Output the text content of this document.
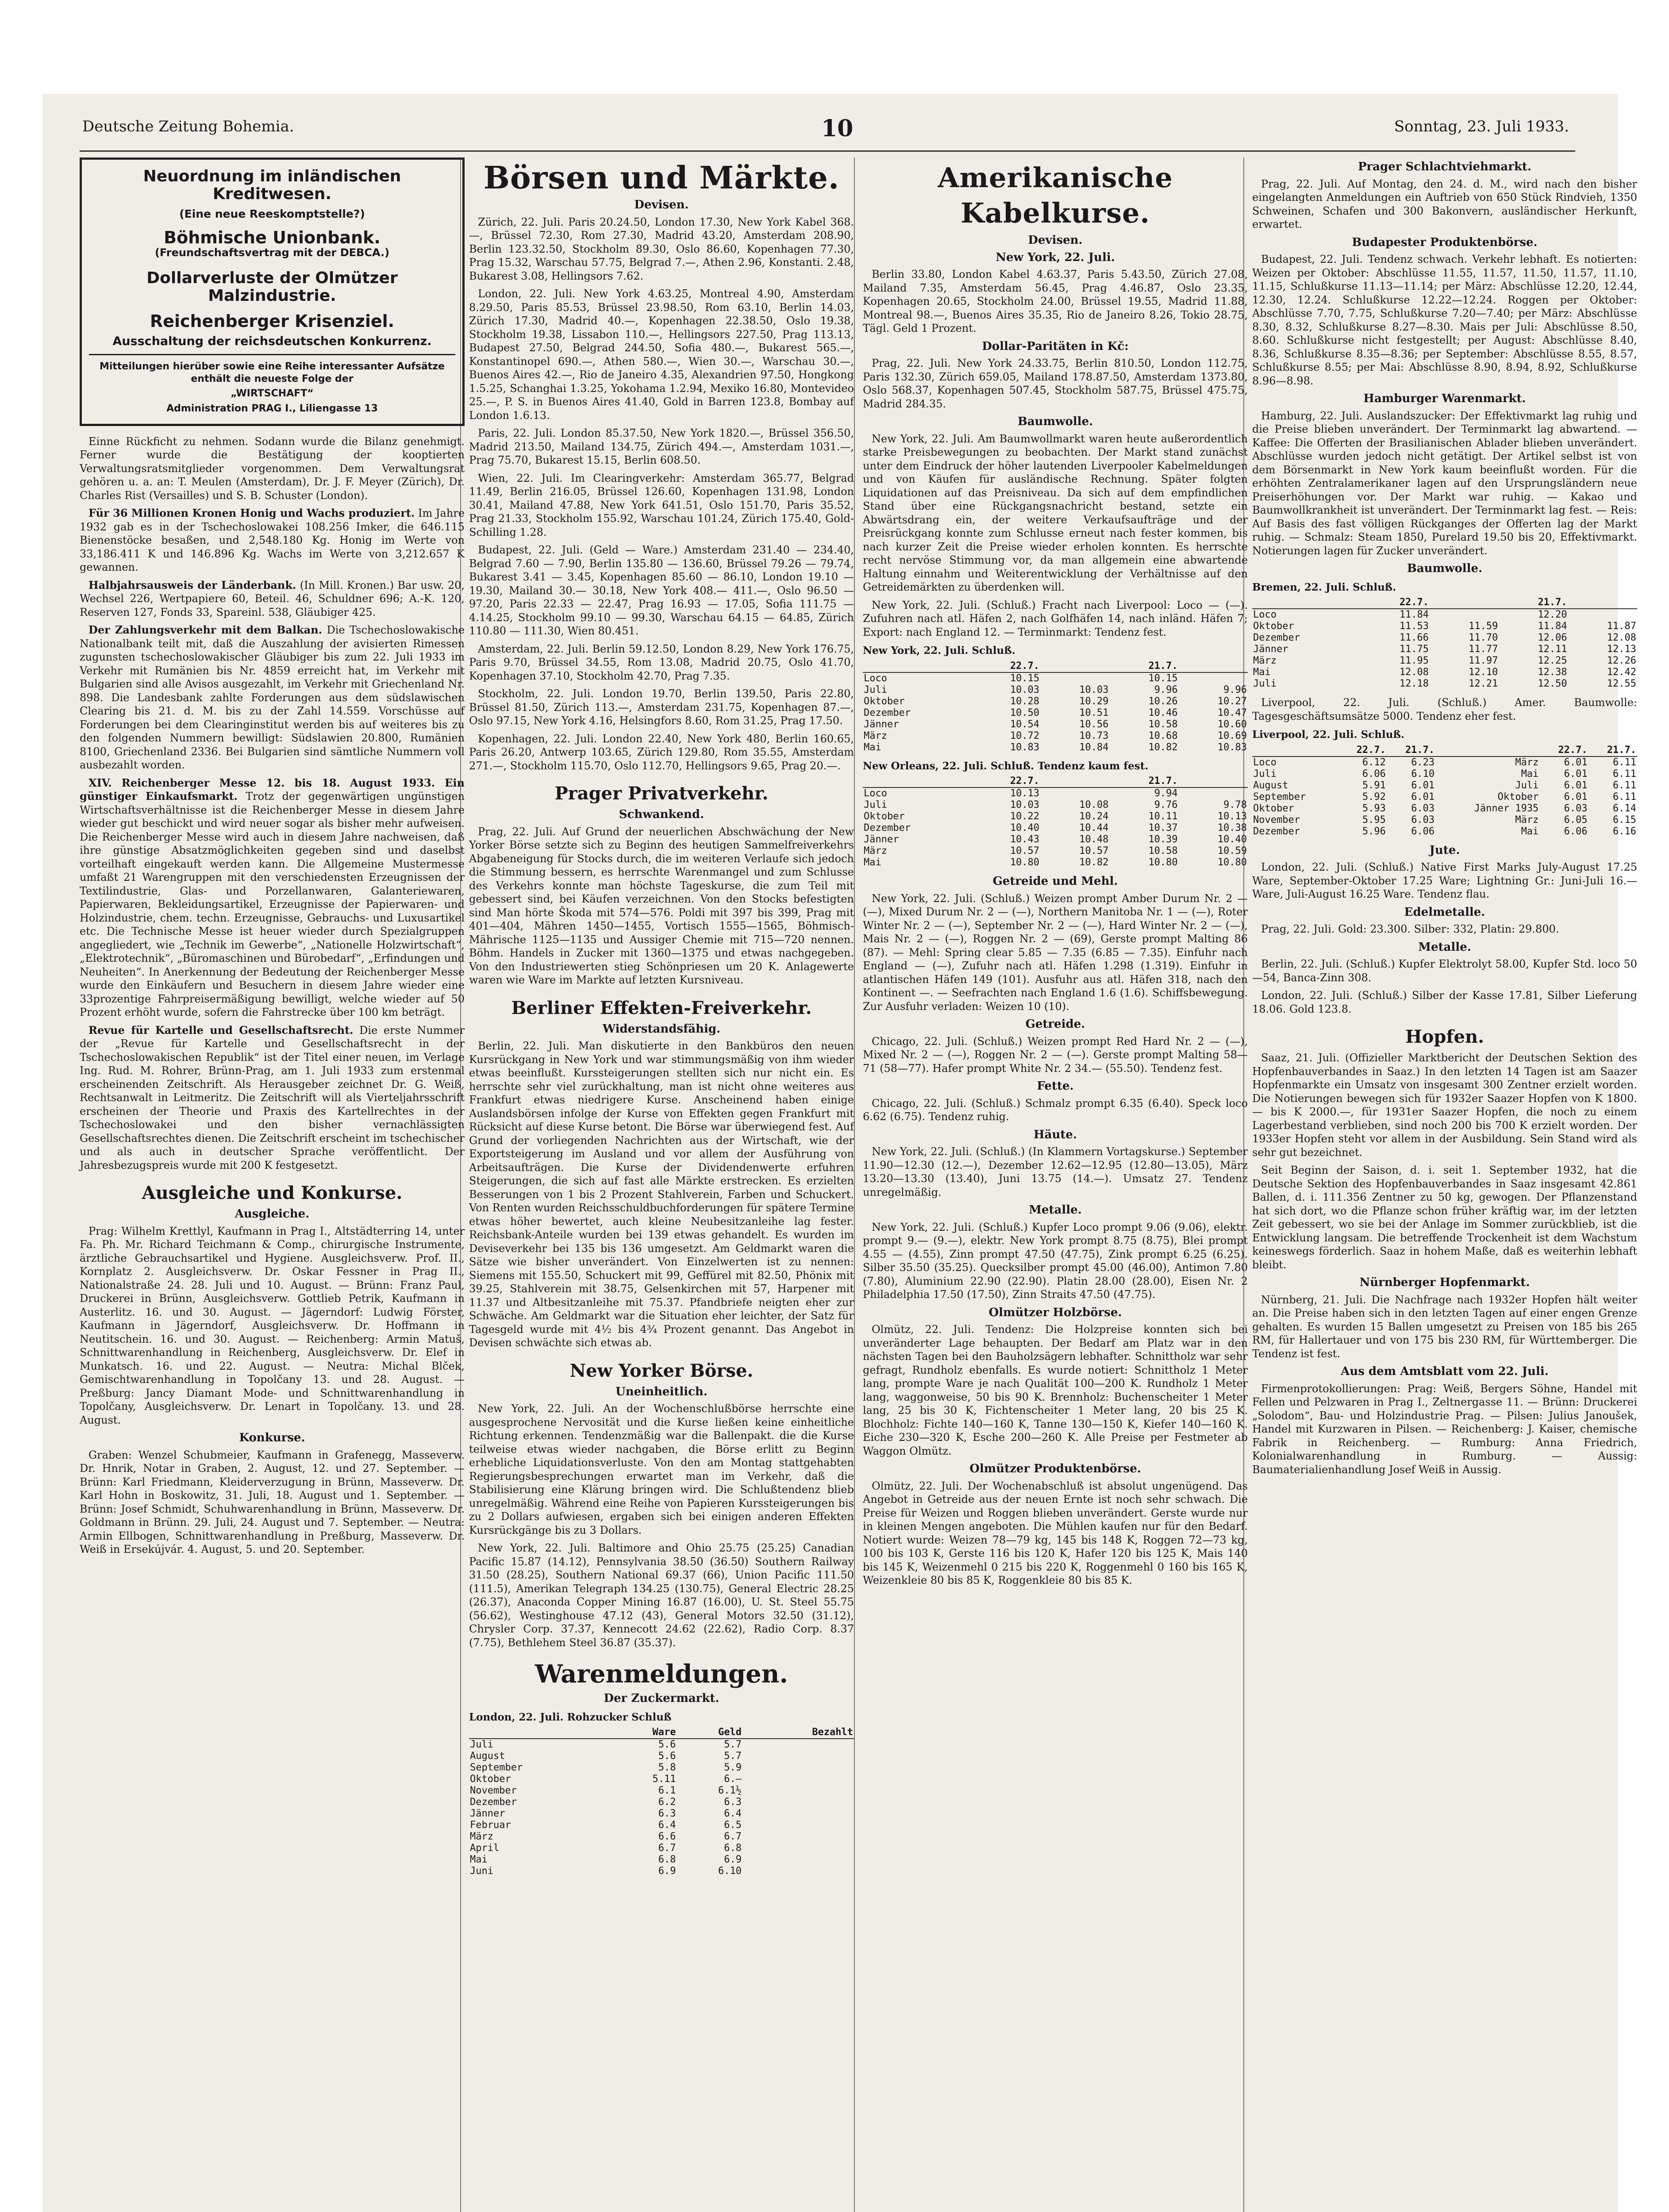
Deutsche Zeitung Bohemia.	10	Sonntag, 23. Juli 1933.
Neuordnung im inländischen Kreditwesen.
(Eine neue Reeskomptstelle?)
Böhmische Unionbank.
(Freundschaftsvertrag mit der DEBCA.)
Dollarverluste der Olmützer Malzindustrie.
Reichenberger Krisenziel.
Ausschaltung der reichsdeutschen Konkurrenz.
Mitteilungen hierüber sowie eine Reihe interessanter Aufsätze enthält die neueste Folge der
„WIRTSCHAFT“
Administration PRAG I., Liliengasse 13

Einne Rückficht zu nehmen. Sodann wurde die Bilanz genehmigt. Ferner wurde die Bestätigung der kooptierten Verwaltungsratsmitglieder vorgenommen. Dem Verwaltungsrat gehören u. a. an: T. Meulen (Amsterdam), Dr. J. F. Meyer (Zürich), Dr. Charles Rist (Versailles) und S. B. Schuster (London).

Für 36 Millionen Kronen Honig und Wachs produziert. Im Jahre 1932 gab es in der Tschechoslowakei 108.256 Imker, die 646.115 Bienenstöcke besaßen, und 2,548.180 Kg. Honig im Werte von 33,186.411 K und 146.896 Kg. Wachs im Werte von 3,212.657 K gewannen.

Halbjahrsausweis der Länderbank. (In Mill. Kronen.) Bar usw. 20, Wechsel 226, Wertpapiere 60, Beteil. 46, Schuldner 696; A.-K. 120, Reserven 127, Fonds 33, Spareinl. 538, Gläubiger 425.

Der Zahlungsverkehr mit dem Balkan. Die Tschechoslowakische Nationalbank teilt mit, daß die Auszahlung der avisierten Rimessen zugunsten tschechoslowakischer Gläubiger bis zum 22. Juli 1933 im Verkehr mit Rumänien bis Nr. 4859 erreicht hat, im Verkehr mit Bulgarien sind alle Avisos ausgezahlt, im Verkehr mit Griechenland Nr. 898. Die Landesbank zahlte Forderungen aus dem südslawischen Clearing bis 21. d. M. bis zu der Zahl 14.559. Vorschüsse auf Forderungen bei dem Clearinginstitut werden bis auf weiteres bis zu den folgenden Nummern bewilligt: Südslawien 20.800, Rumänien 8100, Griechenland 2336. Bei Bulgarien sind sämtliche Nummern voll ausbezahlt worden.

XIV. Reichenberger Messe 12. bis 18. August 1933. Ein günstiger Einkaufsmarkt. Trotz der gegenwärtigen ungünstigen Wirtschaftsverhältnisse ist die Reichenberger Messe in diesem Jahre wieder gut beschickt und wird neuer sogar als bisher mehr aufweisen. Die Reichenberger Messe wird auch in diesem Jahre nachweisen, daß ihre günstige Absatzmöglichkeiten gegeben sind und daselbst vorteilhaft eingekauft werden kann. Die Allgemeine Mustermesse umfaßt 21 Warengruppen mit den verschiedensten Erzeugnissen der Textilindustrie, Glas- und Porzellanwaren, Galanteriewaren, Papierwaren, Bekleidungsartikel, Erzeugnisse der Papierwaren- und Holzindustrie, chem. techn. Erzeugnisse, Gebrauchs- und Luxusartikel etc. Die Technische Messe ist heuer wieder durch Spezialgruppen angegliedert, wie „Technik im Gewerbe“, „Nationelle Holzwirtschaft“, „Elektrotechnik“, „Büromaschinen und Bürobedarf“, „Erfindungen und Neuheiten“. In Anerkennung der Bedeutung der Reichenberger Messe wurde den Einkäufern und Besuchern in diesem Jahre wieder eine 33prozentige Fahrpreisermäßigung bewilligt, welche wieder auf 50 Prozent erhöht wurde, sofern die Fahrstrecke über 100 km beträgt.

Revue für Kartelle und Gesellschaftsrecht. Die erste Nummer der „Revue für Kartelle und Gesellschaftsrecht in der Tschechoslowakischen Republik“ ist der Titel einer neuen, im Verlage Ing. Rud. M. Rohrer, Brünn-Prag, am 1. Juli 1933 zum erstenmal erscheinenden Zeitschrift. Als Herausgeber zeichnet Dr. G. Weiß, Rechtsanwalt in Leitmeritz. Die Zeitschrift will als Vierteljahrsschrift erscheinen der Theorie und Praxis des Kartellrechtes in der Tschechoslowakei und den bisher vernachlässigten Gesellschaftsrechtes dienen. Die Zeitschrift erscheint im tschechischer und als auch in deutscher Sprache veröffentlicht. Der Jahresbezugspreis wurde mit 200 K festgesetzt.

Ausgleiche und Konkurse.
Ausgleiche.

Prag: Wilhelm Krettlyl, Kaufmann in Prag I., Altstädterring 14, unter Fa. Ph. Mr. Richard Teichmann & Comp., chirurgische Instrumente, ärztliche Gebrauchsartikel und Hygiene. Ausgleichsverw. Prof. II., Kornplatz 2. Ausgleichsverw. Dr. Oskar Fessner in Prag II., Nationalstraße 24. 28. Juli und 10. August. — Brünn: Franz Paul, Druckerei in Brünn, Ausgleichsverw. Gottlieb Petrik, Kaufmann in Austerlitz. 16. und 30. August. — Jägerndorf: Ludwig Förster, Kaufmann in Jägerndorf, Ausgleichsverw. Dr. Hoffmann in Neutitschein. 16. und 30. August. — Reichenberg: Armin Matuš, Schnittwarenhandlung in Reichenberg, Ausgleichsverw. Dr. Elef in Munkatsch. 16. und 22. August. — Neutra: Michal Blček, Gemischtwarenhandlung in Topolčany 13. und 28. August. — Preßburg: Jancy Diamant Mode- und Schnittwarenhandlung in Topolčany, Ausgleichsverw. Dr. Lenart in Topolčany. 13. und 28. August.

Konkurse.

Graben: Wenzel Schubmeier, Kaufmann in Grafenegg, Masseverw. Dr. Hnrik, Notar in Graben, 2. August, 12. und 27. September. — Brünn: Karl Friedmann, Kleiderverzugung in Brünn, Masseverw. Dr. Karl Hohn in Boskowitz, 31. Juli, 18. August und 1. September. — Brünn: Josef Schmidt, Schuhwarenhandlung in Brünn, Masseverw. Dr. Goldmann in Brünn. 29. Juli, 24. August und 7. September. — Neutra: Armin Ellbogen, Schnittwarenhandlung in Preßburg, Masseverw. Dr. Weiß in Ersekújvár. 4. August, 5. und 20. September.

Börsen und Märkte.
Devisen.

Zürich, 22. Juli. Paris 20.24.50, London 17.30, New York Kabel 368.—, Brüssel 72.30, Rom 27.30, Madrid 43.20, Amsterdam 208.90, Berlin 123.32.50, Stockholm 89.30, Oslo 86.60, Kopenhagen 77.30, Prag 15.32, Warschau 57.75, Belgrad 7.—, Athen 2.96, Konstanti. 2.48, Bukarest 3.08, Hellingsors 7.62.

London, 22. Juli. New York 4.63.25, Montreal 4.90, Amsterdam 8.29.50, Paris 85.53, Brüssel 23.98.50, Rom 63.10, Berlin 14.03, Zürich 17.30, Madrid 40.—, Kopenhagen 22.38.50, Oslo 19.38, Stockholm 19.38, Lissabon 110.—, Hellingsors 227.50, Prag 113.13, Budapest 27.50, Belgrad 244.50, Sofia 480.—, Bukarest 565.—, Konstantinopel 690.—, Athen 580.—, Wien 30.—, Warschau 30.—, Buenos Aires 42.—, Rio de Janeiro 4.35, Alexandrien 97.50, Hongkong 1.5.25, Schanghai 1.3.25, Yokohama 1.2.94, Mexiko 16.80, Montevideo 25.—, P. S. in Buenos Aires 41.40, Gold in Barren 123.8, Bombay auf London 1.6.13.

Paris, 22. Juli. London 85.37.50, New York 1820.—, Brüssel 356.50, Madrid 213.50, Mailand 134.75, Zürich 494.—, Amsterdam 1031.—, Prag 75.70, Bukarest 15.15, Berlin 608.50.

Wien, 22. Juli. Im Clearingverkehr: Amsterdam 365.77, Belgrad 11.49, Berlin 216.05, Brüssel 126.60, Kopenhagen 131.98, London 30.41, Mailand 47.88, New York 641.51, Oslo 151.70, Paris 35.52, Prag 21.33, Stockholm 155.92, Warschau 101.24, Zürich 175.40, Gold-Schilling 1.28.

Budapest, 22. Juli. (Geld — Ware.) Amsterdam 231.40 — 234.40, Belgrad 7.60 — 7.90, Berlin 135.80 — 136.60, Brüssel 79.26 — 79.74, Bukarest 3.41 — 3.45, Kopenhagen 85.60 — 86.10, London 19.10 — 19.30, Mailand 30.— 30.18, New York 408.— 411.—, Oslo 96.50 — 97.20, Paris 22.33 — 22.47, Prag 16.93 — 17.05, Sofia 111.75 — 4.14.25, Stockholm 99.10 — 99.30, Warschau 64.15 — 64.85, Zürich 110.80 — 111.30, Wien 80.451.

Amsterdam, 22. Juli. Berlin 59.12.50, London 8.29, New York 176.75, Paris 9.70, Brüssel 34.55, Rom 13.08, Madrid 20.75, Oslo 41.70, Kopenhagen 37.10, Stockholm 42.70, Prag 7.35.

Stockholm, 22. Juli. London 19.70, Berlin 139.50, Paris 22.80, Brüssel 81.50, Zürich 113.—, Amsterdam 231.75, Kopenhagen 87.—, Oslo 97.15, New York 4.16, Helsingfors 8.60, Rom 31.25, Prag 17.50.

Kopenhagen, 22. Juli. London 22.40, New York 480, Berlin 160.65, Paris 26.20, Antwerp 103.65, Zürich 129.80, Rom 35.55, Amsterdam 271.—, Stockholm 115.70, Oslo 112.70, Hellingsors 9.65, Prag 20.—.

Prager Privatverkehr.
Schwankend.

Prag, 22. Juli. Auf Grund der neuerlichen Abschwächung der New Yorker Börse setzte sich zu Beginn des heutigen Sammelfreiverkehrs Abgabeneigung für Stocks durch, die im weiteren Verlaufe sich jedoch die Stimmung bessern, es herrschte Warenmangel und zum Schlusse des Verkehrs konnte man höchste Tageskurse, die zum Teil mit gebessert sind, bei Käufen verzeichnen. Von den Stocks befestigten sind Man hörte Škoda mit 574—576. Poldi mit 397 bis 399, Prag mit 401—404, Mähren 1450—1455, Vortisch 1555—1565, Böhmisch-Mährische 1125—1135 und Aussiger Chemie mit 715—720 nennen. Böhm. Handels in Zucker mit 1360—1375 und etwas nachgegeben. Von den Industriewerten stieg Schönpriesen um 20 K. Anlagewerte waren wie Ware im Markte auf letzten Kursniveau.

Berliner Effekten-Freiverkehr.
Widerstandsfähig.

Berlin, 22. Juli. Man diskutierte in den Bankbüros den neuen Kursrückgang in New York und war stimmungsmäßig von ihm wieder etwas beeinflußt. Kurssteigerungen stellten sich nur nicht ein. Es herrschte sehr viel zurückhaltung, man ist nicht ohne weiteres aus Frankfurt etwas niedrigere Kurse. Anscheinend haben einige Auslandsbörsen infolge der Kurse von Effekten gegen Frankfurt mit Rücksicht auf diese Kurse betont. Die Börse war überwiegend fest. Auf Grund der vorliegenden Nachrichten aus der Wirtschaft, wie der Exportsteigerung im Ausland und vor allem der Ausführung von Arbeitsaufträgen. Die Kurse der Dividendenwerte erfuhren Steigerungen, die sich auf fast alle Märkte erstrecken. Es erzielten Besserungen von 1 bis 2 Prozent Stahlverein, Farben und Schuckert. Von Renten wurden Reichsschuldbuchforderungen für spätere Termine etwas höher bewertet, auch kleine Neubesitzanleihe lag fester. Reichsbank-Anteile wurden bei 139 etwas gehandelt. Es wurden im Deviseverkehr bei 135 bis 136 umgesetzt. Am Geldmarkt waren die Sätze wie bisher unverändert. Von Einzelwerten ist zu nennen: Siemens mit 155.50, Schuckert mit 99, Geffürel mit 82.50, Phönix mit 39.25, Stahlverein mit 38.75, Gelsenkirchen mit 57, Harpener mit 11.37 und Altbesitzanleihe mit 75.37. Pfandbriefe neigten eher zur Schwäche. Am Geldmarkt war die Situation eher leichter, der Satz für Tagesgeld wurde mit 4½ bis 4¾ Prozent genannt. Das Angebot in Devisen schwächte sich etwas ab.

New Yorker Börse.
Uneinheitlich.

New York, 22. Juli. An der Wochenschlußbörse herrschte eine ausgesprochene Nervosität und die Kurse ließen keine einheitliche Richtung erkennen. Tendenzmäßig war die Ballenpakt. die die Kurse teilweise etwas wieder nachgaben, die Börse erlitt zu Beginn erhebliche Liquidationsverluste. Von den am Montag stattgehabten Regierungsbesprechungen erwartet man im Verkehr, daß die Stabilisierung eine Klärung bringen wird. Die Schlußtendenz blieb unregelmäßig. Während eine Reihe von Papieren Kurssteigerungen bis zu 2 Dollars aufwiesen, ergaben sich bei einigen anderen Effekten Kursrückgänge bis zu 3 Dollars.

New York, 22. Juli. Baltimore and Ohio 25.75 (25.25) Canadian Pacific 15.87 (14.12), Pennsylvania 38.50 (36.50) Southern Railway 31.50 (28.25), Southern National 69.37 (66), Union Pacific 111.50 (111.5), Amerikan Telegraph 134.25 (130.75), General Electric 28.25 (26.37), Anaconda Copper Mining 16.87 (16.00), U. St. Steel 55.75 (56.62), Westinghouse 47.12 (43), General Motors 32.50 (31.12), Chrysler Corp. 37.37, Kennecott 24.62 (22.62), Radio Corp. 8.37 (7.75), Bethlehem Steel 36.87 (35.37).

Warenmeldungen.
Der Zuckermarkt.
London, 22. Juli. Rohzucker Schluß
	Ware	Geld	Bezahlt
Juli	5.6	5.7	
August	5.6	5.7	
September	5.8	5.9	
Oktober	5.11	6.—	
November	6.1	6.1½	
Dezember	6.2	6.3	
Jänner	6.3	6.4	
Februar	6.4	6.5	
März	6.6	6.7	
April	6.7	6.8	
Mai	6.8	6.9	
Juni	6.9	6.10	
Amerikanische Kabelkurse.
Devisen.
New York, 22. Juli.

Berlin 33.80, London Kabel 4.63.37, Paris 5.43.50, Zürich 27.08, Mailand 7.35, Amsterdam 56.45, Prag 4.46.87, Oslo 23.35, Kopenhagen 20.65, Stockholm 24.00, Brüssel 19.55, Madrid 11.88, Montreal 98.—, Buenos Aires 35.35, Rio de Janeiro 8.26, Tokio 28.75, Tägl. Geld 1 Prozent.

Dollar-Paritäten in Kč:

Prag, 22. Juli. New York 24.33.75, Berlin 810.50, London 112.75, Paris 132.30, Zürich 659.05, Mailand 178.87.50, Amsterdam 1373.80, Oslo 568.37, Kopenhagen 507.45, Stockholm 587.75, Brüssel 475.75, Madrid 284.35.

Baumwolle.

New York, 22. Juli. Am Baumwollmarkt waren heute außerordentlich starke Preisbewegungen zu beobachten. Der Markt stand zunächst unter dem Eindruck der höher lautenden Liverpooler Kabelmeldungen und von Käufen für ausländische Rechnung. Später folgten Liquidationen auf das Preisniveau. Da sich auf dem empfindlichen Stand über eine Rückgangsnachricht bestand, setzte ein Abwärtsdrang ein, der weitere Verkaufsaufträge und der Preisrückgang konnte zum Schlusse erneut nach fester kommen, bis nach kurzer Zeit die Preise wieder erholen konnten. Es herrschte recht nervöse Stimmung vor, da man allgemein eine abwartende Haltung einnahm und Weiterentwicklung der Verhältnisse auf den Getreidemärkten zu überdenken will.

New York, 22. Juli. (Schluß.) Fracht nach Liverpool: Loco — (—). Zufuhren nach atl. Häfen 2, nach Golfhäfen 14, nach inländ. Häfen 7; Export: nach England 12. — Terminmarkt: Tendenz fest.

New York, 22. Juli. Schluß.
	22.7.		21.7.	
Loco	10.15		10.15	
Juli	10.03	10.03	9.96	9.96
Oktober	10.28	10.29	10.26	10.27
Dezember	10.50	10.51	10.46	10.47
Jänner	10.54	10.56	10.58	10.60
März	10.72	10.73	10.68	10.69
Mai	10.83	10.84	10.82	10.83
New Orleans, 22. Juli. Schluß. Tendenz kaum fest.
	22.7.		21.7.	
Loco	10.13		9.94	
Juli	10.03	10.08	9.76	9.78
Oktober	10.22	10.24	10.11	10.13
Dezember	10.40	10.44	10.37	10.38
Jänner	10.43	10.48	10.39	10.40
März	10.57	10.57	10.58	10.59
Mai	10.80	10.82	10.80	10.80
Getreide und Mehl.

New York, 22. Juli. (Schluß.) Weizen prompt Amber Durum Nr. 2 — (—), Mixed Durum Nr. 2 — (—), Northern Manitoba Nr. 1 — (—), Roter Winter Nr. 2 — (—), September Nr. 2 — (—), Hard Winter Nr. 2 — (—), Mais Nr. 2 — (—), Roggen Nr. 2 — (69), Gerste prompt Malting 86 (87). — Mehl: Spring clear 5.85 — 7.35 (6.85 — 7.35). Einfuhr nach England — (—), Zufuhr nach atl. Häfen 1.298 (1.319). Einfuhr in atlantischen Häfen 149 (101). Ausfuhr aus atl. Häfen 318, nach den Kontinent —. — Seefrachten nach England 1.6 (1.6). Schiffsbewegung. Zur Ausfuhr verladen: Weizen 10 (10).

Getreide.

Chicago, 22. Juli. (Schluß.) Weizen prompt Red Hard Nr. 2 — (—), Mixed Nr. 2 — (—), Roggen Nr. 2 — (—). Gerste prompt Malting 58—71 (58—77). Hafer prompt White Nr. 2 34.— (55.50). Tendenz fest.

Fette.

Chicago, 22. Juli. (Schluß.) Schmalz prompt 6.35 (6.40). Speck loco 6.62 (6.75). Tendenz ruhig.

Häute.

New York, 22. Juli. (Schluß.) (In Klammern Vortagskurse.) September 11.90—12.30 (12.—), Dezember 12.62—12.95 (12.80—13.05), März 13.20—13.30 (13.40), Juni 13.75 (14.—). Umsatz 27. Tendenz unregelmäßig.

Metalle.

New York, 22. Juli. (Schluß.) Kupfer Loco prompt 9.06 (9.06), elektr. prompt 9.— (9.—), elektr. New York prompt 8.75 (8.75), Blei prompt 4.55 — (4.55), Zinn prompt 47.50 (47.75), Zink prompt 6.25 (6.25). Silber 35.50 (35.25). Quecksilber prompt 45.00 (46.00), Antimon 7.80 (7.80), Aluminium 22.90 (22.90). Platin 28.00 (28.00), Eisen Nr. 2 Philadelphia 17.50 (17.50), Zinn Straits 47.50 (47.75).

Olmützer Holzbörse.

Olmütz, 22. Juli. Tendenz: Die Holzpreise konnten sich bei unveränderter Lage behaupten. Der Bedarf am Platz war in den nächsten Tagen bei den Bauholzsägern lebhafter. Schnittholz war sehr gefragt, Rundholz ebenfalls. Es wurde notiert: Schnittholz 1 Meter lang, prompte Ware je nach Qualität 100—200 K. Rundholz 1 Meter lang, waggonweise, 50 bis 90 K. Brennholz: Buchenscheiter 1 Meter lang, 25 bis 30 K, Fichtenscheiter 1 Meter lang, 20 bis 25 K. Blochholz: Fichte 140—160 K, Tanne 130—150 K, Kiefer 140—160 K. Eiche 230—320 K, Esche 200—260 K. Alle Preise per Festmeter ab Waggon Olmütz.

Olmützer Produktenbörse.

Olmütz, 22. Juli. Der Wochenabschluß ist absolut ungenügend. Das Angebot in Getreide aus der neuen Ernte ist noch sehr schwach. Die Preise für Weizen und Roggen blieben unverändert. Gerste wurde nur in kleinen Mengen angeboten. Die Mühlen kaufen nur für den Bedarf. Notiert wurde: Weizen 78—79 kg, 145 bis 148 K, Roggen 72—73 kg, 100 bis 103 K, Gerste 116 bis 120 K, Hafer 120 bis 125 K, Mais 140 bis 145 K, Weizenmehl 0 215 bis 220 K, Roggenmehl 0 160 bis 165 K, Weizenkleie 80 bis 85 K, Roggenkleie 80 bis 85 K.

Prager Schlachtviehmarkt.

Prag, 22. Juli. Auf Montag, den 24. d. M., wird nach den bisher eingelangten Anmeldungen ein Auftrieb von 650 Stück Rindvieh, 1350 Schweinen, Schafen und 300 Bakonvern, ausländischer Herkunft, erwartet.

Budapester Produktenbörse.

Budapest, 22. Juli. Tendenz schwach. Verkehr lebhaft. Es notierten: Weizen per Oktober: Abschlüsse 11.55, 11.57, 11.50, 11.57, 11.10, 11.15, Schlußkurse 11.13—11.14; per März: Abschlüsse 12.20, 12.44, 12.30, 12.24. Schlußkurse 12.22—12.24. Roggen per Oktober: Abschlüsse 7.70, 7.75, Schlußkurse 7.20—7.40; per März: Abschlüsse 8.30, 8.32, Schlußkurse 8.27—8.30. Mais per Juli: Abschlüsse 8.50, 8.60. Schlußkurse nicht festgestellt; per August: Abschlüsse 8.40, 8.36, Schlußkurse 8.35—8.36; per September: Abschlüsse 8.55, 8.57, Schlußkurse 8.55; per Mai: Abschlüsse 8.90, 8.94, 8.92, Schlußkurse 8.96—8.98.

Hamburger Warenmarkt.

Hamburg, 22. Juli. Auslandszucker: Der Effektivmarkt lag ruhig und die Preise blieben unverändert. Der Terminmarkt lag abwartend. — Kaffee: Die Offerten der Brasilianischen Ablader blieben unverändert. Abschlüsse wurden jedoch nicht getätigt. Der Artikel selbst ist von dem Börsenmarkt in New York kaum beeinflußt worden. Für die erhöhten Zentralamerikaner lagen auf den Ursprungsländern neue Preiserhöhungen vor. Der Markt war ruhig. — Kakao und Baumwollkrankheit ist unverändert. Der Terminmarkt lag fest. — Reis: Auf Basis des fast völligen Rückganges der Offerten lag der Markt ruhig. — Schmalz: Steam 1850, Purelard 19.50 bis 20, Effektivmarkt. Notierungen lagen für Zucker unverändert.

Baumwolle.
Bremen, 22. Juli. Schluß.
	22.7.		21.7.	
Loco	11.84		12.20	
Oktober	11.53	11.59	11.84	11.87
Dezember	11.66	11.70	12.06	12.08
Jänner	11.75	11.77	12.11	12.13
März	11.95	11.97	12.25	12.26
Mai	12.08	12.10	12.38	12.42
Juli	12.18	12.21	12.50	12.55

Liverpool, 22. Juli. (Schluß.) Amer. Baumwolle: Tagesgeschäftsumsätze 5000. Tendenz eher fest.

Liverpool, 22. Juli. Schluß.
	22.7.	21.7.		22.7.	21.7.
Loco	6.12	6.23	März	6.01	6.11
Juli	6.06	6.10	Mai	6.01	6.11
August	5.91	6.01	Juli	6.01	6.11
September	5.92	6.01	Oktober	6.01	6.11
Oktober	5.93	6.03	Jänner 1935	6.03	6.14
November	5.95	6.03	März	6.05	6.15
Dezember	5.96	6.06	Mai	6.06	6.16
Jute.

London, 22. Juli. (Schluß.) Native First Marks July-August 17.25 Ware, September-Oktober 17.25 Ware; Lightning Gr.: Juni-Juli 16.— Ware, Juli-August 16.25 Ware. Tendenz flau.

Edelmetalle.

Prag, 22. Juli. Gold: 23.300. Silber: 332, Platin: 29.800.

Metalle.

Berlin, 22. Juli. (Schluß.) Kupfer Elektrolyt 58.00, Kupfer Std. loco 50—54, Banca-Zinn 308.

London, 22. Juli. (Schluß.) Silber der Kasse 17.81, Silber Lieferung 18.06. Gold 123.8.

Hopfen.

Saaz, 21. Juli. (Offizieller Marktbericht der Deutschen Sektion des Hopfenbauverbandes in Saaz.) In den letzten 14 Tagen ist am Saazer Hopfenmarkte ein Umsatz von insgesamt 300 Zentner erzielt worden. Die Notierungen bewegen sich für 1932er Saazer Hopfen von K 1800.— bis K 2000.—, für 1931er Saazer Hopfen, die noch zu einem Lagerbestand verblieben, sind noch 200 bis 700 K erzielt worden. Der 1933er Hopfen steht vor allem in der Ausbildung. Sein Stand wird als sehr gut bezeichnet.

Seit Beginn der Saison, d. i. seit 1. September 1932, hat die Deutsche Sektion des Hopfenbauverbandes in Saaz insgesamt 42.861 Ballen, d. i. 111.356 Zentner zu 50 kg, gewogen. Der Pflanzenstand hat sich dort, wo die Pflanze schon früher kräftig war, im der letzten Zeit gebessert, wo sie bei der Anlage im Sommer zurückblieb, ist die Entwicklung langsam. Die betreffende Trockenheit ist dem Wachstum keineswegs förderlich. Saaz in hohem Maße, daß es weiterhin lebhaft bleibt.

Nürnberger Hopfenmarkt.

Nürnberg, 21. Juli. Die Nachfrage nach 1932er Hopfen hält weiter an. Die Preise haben sich in den letzten Tagen auf einer engen Grenze gehalten. Es wurden 15 Ballen umgesetzt zu Preisen von 185 bis 265 RM, für Hallertauer und von 175 bis 230 RM, für Württemberger. Die Tendenz ist fest.

Aus dem Amtsblatt vom 22. Juli.

Firmenprotokollierungen: Prag: Weiß, Bergers Söhne, Handel mit Fellen und Pelzwaren in Prag I., Zeltnergasse 11. — Brünn: Druckerei „Solodom“, Bau- und Holzindustrie Prag. — Pilsen: Julius Janoušek, Handel mit Kurzwaren in Pilsen. — Reichenberg: J. Kaiser, chemische Fabrik in Reichenberg. — Rumburg: Anna Friedrich, Kolonialwarenhandlung in Rumburg. — Aussig: Baumaterialienhandlung Josef Weiß in Aussig.
